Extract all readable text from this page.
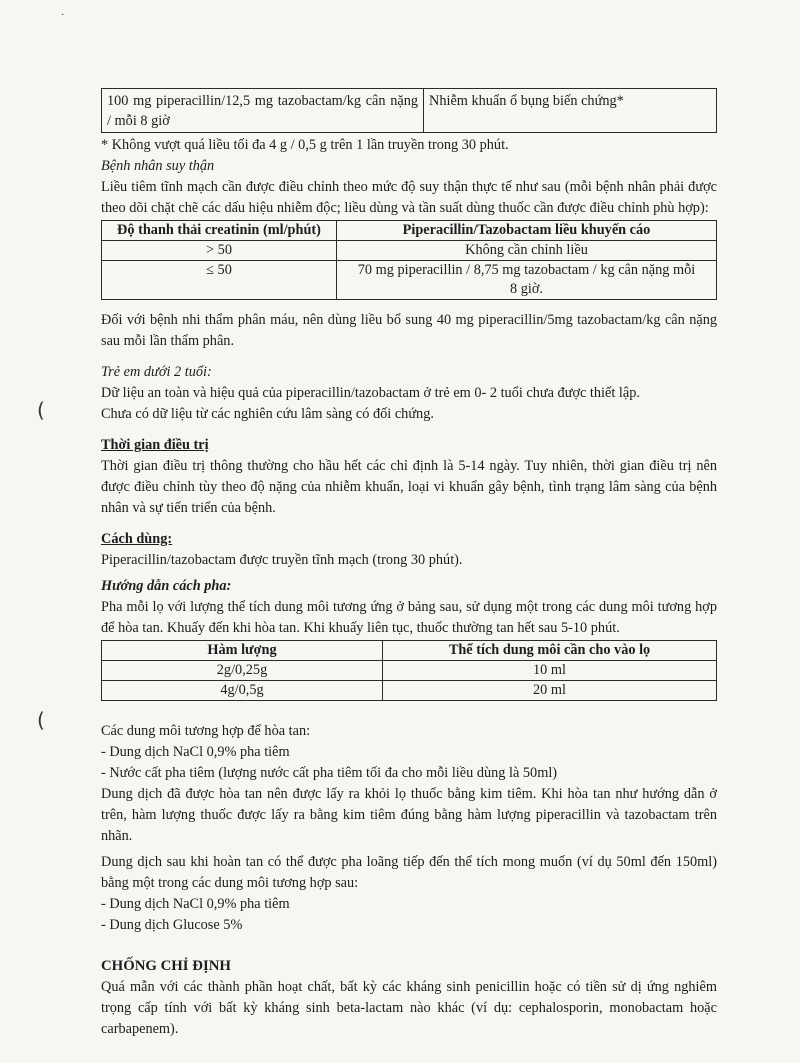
(
(
˙
100 mg piperacillin/12,5 mg tazobactam/kg cân nặng / mỗi 8 giờ	Nhiễm khuẩn ổ bụng biến chứng*

* Không vượt quá liều tối đa 4 g / 0,5 g trên 1 lần truyền trong 30 phút.

Bệnh nhân suy thận

Liều tiêm tĩnh mạch cần được điều chỉnh theo mức độ suy thận thực tế như sau (mỗi bệnh nhân phải được theo dõi chặt chẽ các dấu hiệu nhiễm độc; liều dùng và tần suất dùng thuốc cần được điều chỉnh phù hợp):

Độ thanh thải creatinin (ml/phút)	Piperacillin/Tazobactam liều khuyến cáo
> 50	Không cần chỉnh liều
≤ 50	70 mg piperacillin / 8,75 mg tazobactam / kg cân nặng mỗi 8 giờ.

Đối với bệnh nhi thẩm phân máu, nên dùng liều bổ sung 40 mg piperacillin/5mg tazobactam/kg cân nặng sau mỗi lần thẩm phân.

Trẻ em dưới 2 tuổi:

Dữ liệu an toàn và hiệu quả của piperacillin/tazobactam ở trẻ em 0- 2 tuổi chưa được thiết lập.

Chưa có dữ liệu từ các nghiên cứu lâm sàng có đối chứng.

Thời gian điều trị

Thời gian điều trị thông thường cho hầu hết các chỉ định là 5-14 ngày. Tuy nhiên, thời gian điều trị nên được điều chỉnh tùy theo độ nặng của nhiễm khuẩn, loại vi khuẩn gây bệnh, tình trạng lâm sàng của bệnh nhân và sự tiến triển của bệnh.

Cách dùng:

Piperacillin/tazobactam được truyền tĩnh mạch (trong 30 phút).

Hướng dẫn cách pha:

Pha mỗi lọ với lượng thể tích dung môi tương ứng ở bảng sau, sử dụng một trong các dung môi tương hợp để hòa tan. Khuấy đến khi hòa tan. Khi khuấy liên tục, thuốc thường tan hết sau 5-10 phút.

Hàm lượng	Thể tích dung môi cần cho vào lọ
2g/0,25g	10 ml
4g/0,5g	20 ml

Các dung môi tương hợp để hòa tan:

- Dung dịch NaCl 0,9% pha tiêm

- Nước cất pha tiêm (lượng nước cất pha tiêm tối đa cho mỗi liều dùng là 50ml)

Dung dịch đã được hòa tan nên được lấy ra khỏi lọ thuốc bằng kim tiêm. Khi hòa tan như hướng dẫn ở trên, hàm lượng thuốc được lấy ra bằng kim tiêm đúng bằng hàm lượng piperacillin và tazobactam trên nhãn.

Dung dịch sau khi hoàn tan có thể được pha loãng tiếp đến thể tích mong muốn (ví dụ 50ml đến 150ml) bằng một trong các dung môi tương hợp sau:

- Dung dịch NaCl 0,9% pha tiêm

- Dung dịch Glucose 5%

CHỐNG CHỈ ĐỊNH

Quá mẫn với các thành phần hoạt chất, bất kỳ các kháng sinh penicillin hoặc có tiền sử dị ứng nghiêm trọng cấp tính với bất kỳ kháng sinh beta-lactam nào khác (ví dụ: cephalosporin, monobactam hoặc carbapenem).
